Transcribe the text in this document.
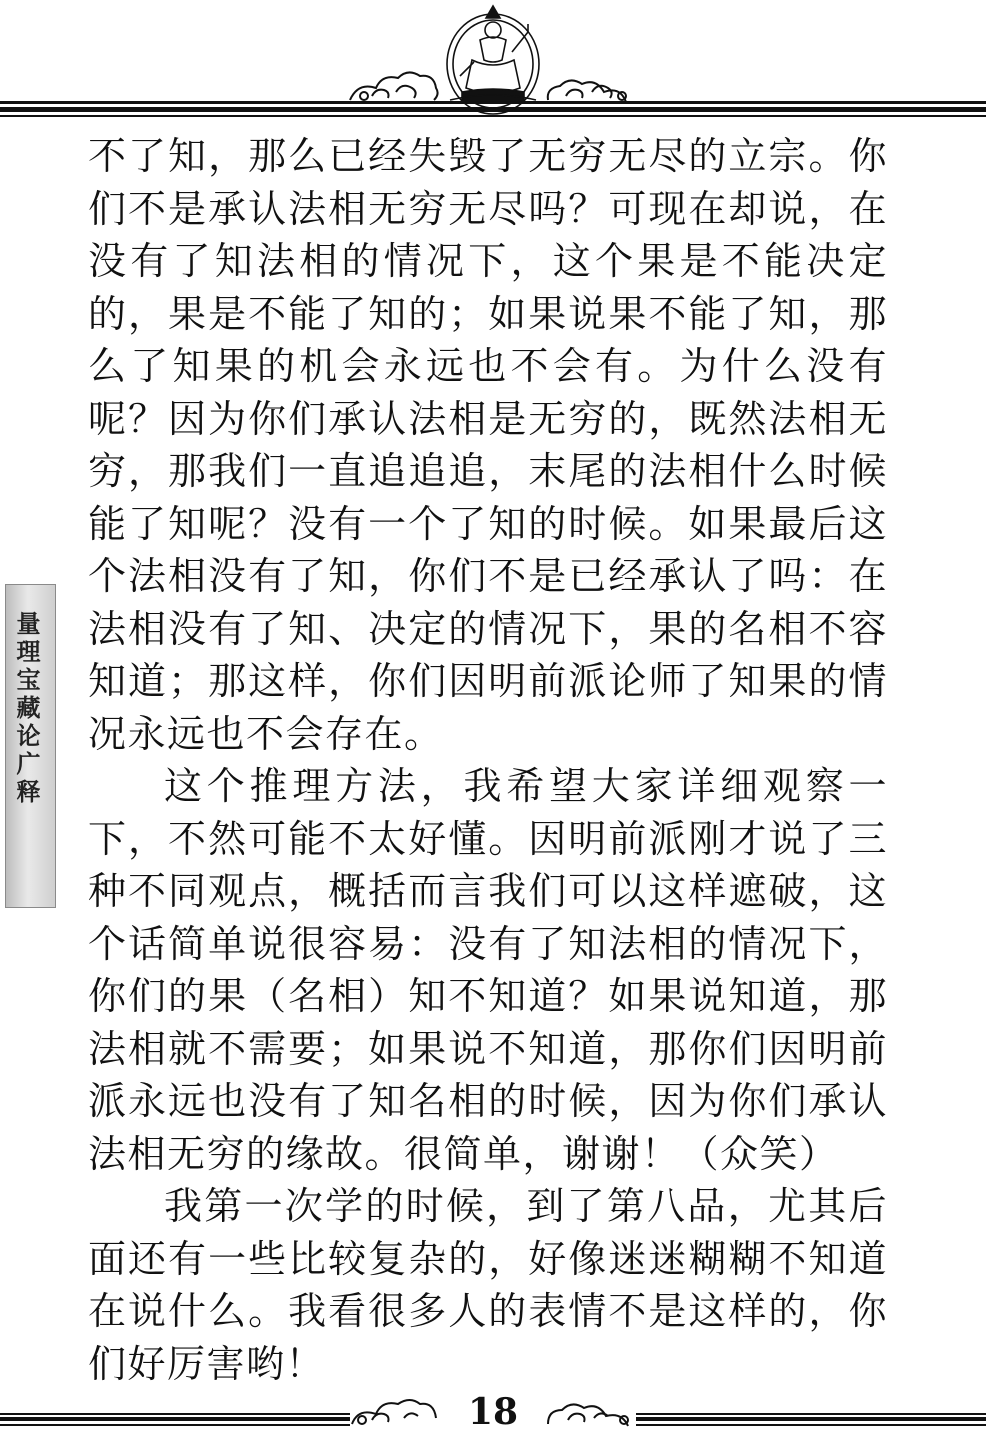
不了知，那么已经失毁了无穷无尽的立宗。你们不是承认法相无穷无尽吗？可现在却说，在没有了知法相的情况下，这个果是不能决定的，果是不能了知的；如果说果不能了知，那么了知果的机会永远也不会有。为什么没有呢？因为你们承认法相是无穷的，既然法相无穷，那我们一直追追追，末尾的法相什么时候能了知呢？没有一个了知的时候。如果最后这个法相没有了知，你们不是已经承认了吗：在法相没有了知、决定的情况下，果的名相不容知道；那这样，你们因明前派论师了知果的情况永远也不会存在。

这个推理方法，我希望大家详细观察一下，不然可能不太好懂。因明前派刚才说了三种不同观点，概括而言我们可以这样遮破，这个话简单说很容易：没有了知法相的情况下，你们的果（名相）知不知道？如果说知道，那法相就不需要；如果说不知道，那你们因明前派永远也没有了知名相的时候，因为你们承认法相无穷的缘故。很简单，谢谢！（众笑）

我第一次学的时候，到了第八品，尤其后面还有一些比较复杂的，好像迷迷糊糊不知道在说什么。我看很多人的表情不是这样的，你们好厉害哟！

量理宝藏论广释
18
